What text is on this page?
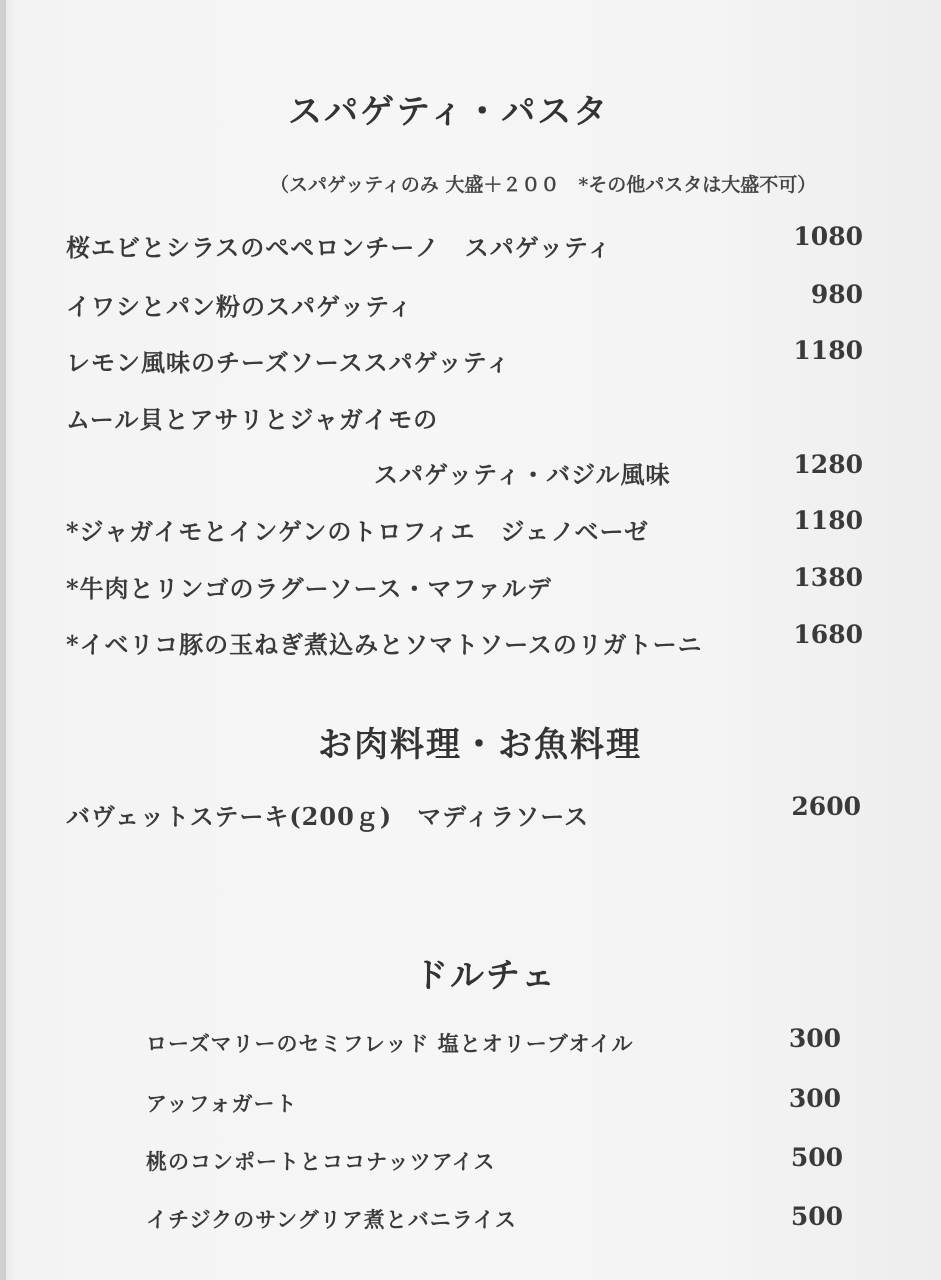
スパゲティ・パスタ
（スパゲッティのみ 大盛＋２００　*その他パスタは大盛不可）
桜エビとシラスのペペロンチーノ　スパゲッティ	1080
イワシとパン粉のスパゲッティ	980
レモン風味のチーズソーススパゲッティ	1180
ムール貝とアサリとジャガイモの
スパゲッティ・バジル風味	1280
*ジャガイモとインゲンのトロフィエ　ジェノベーゼ	1180
*牛肉とリンゴのラグーソース・マファルデ	1380
*イベリコ豚の玉ねぎ煮込みとソマトソースのリガトーニ	1680
お肉料理・お魚料理
バヴェットステーキ(200ｇ)　マディラソース	2600
ドルチェ
ローズマリーのセミフレッド 塩とオリーブオイル	300
アッフォガート	300
桃のコンポートとココナッツアイス	500
イチジクのサングリア煮とバニライス	500
